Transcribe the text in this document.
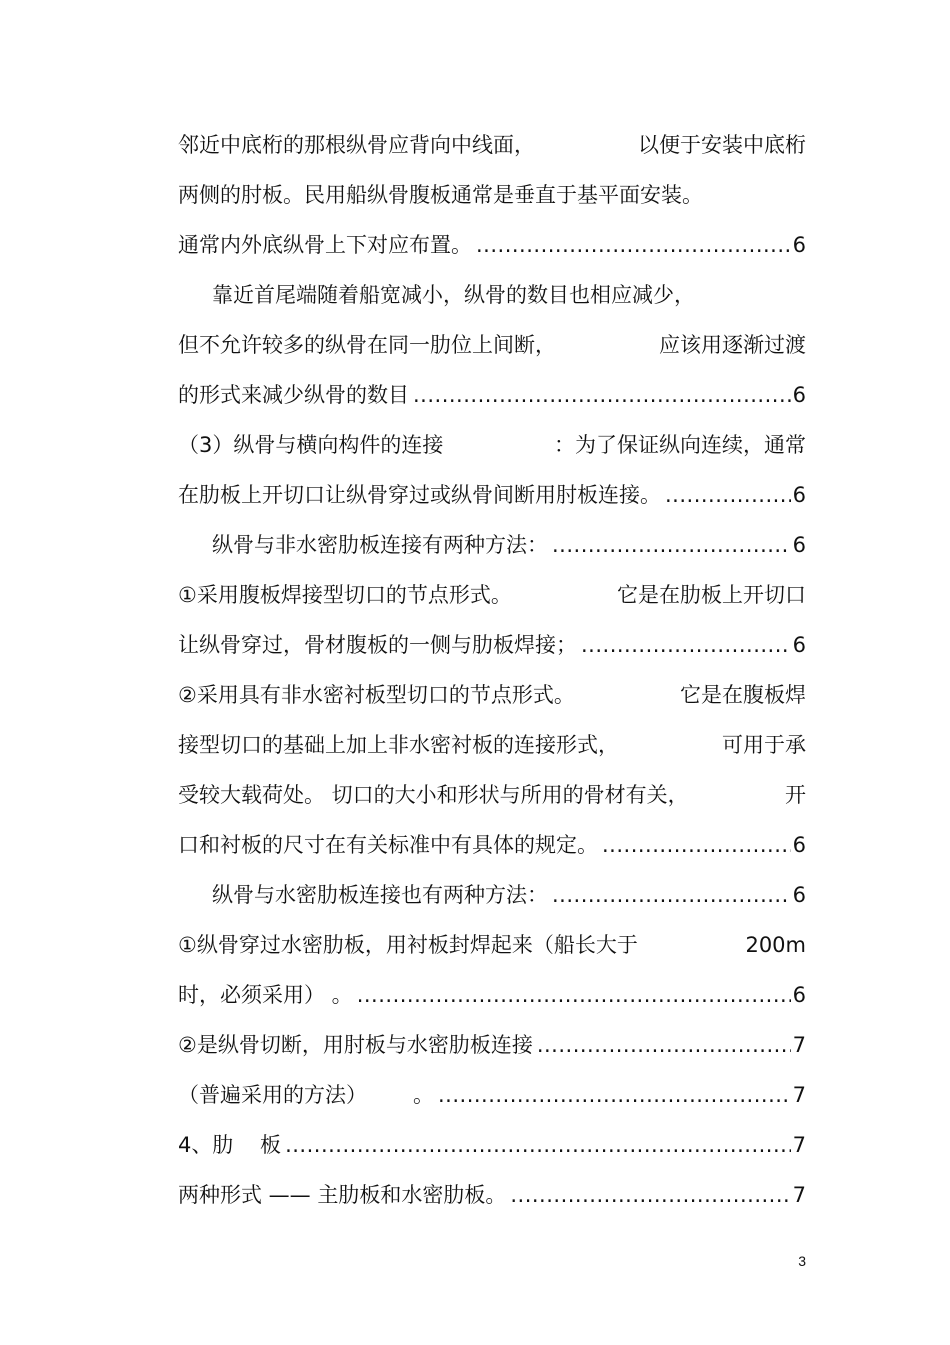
邻近中底桁的那根纵骨应背向中线面，	以便于安装中底桁
两侧的肘板。民用船纵骨腹板通常是垂直于基平面安装。
通常内外底纵骨上下对应布置。 .....	6
靠近首尾端随着船宽减小，纵骨的数目也相应减少，
但不允许较多的纵骨在同一肋位上间断，	应该用逐渐过渡
的形式来减少纵骨的数目 .....	6
（3）纵骨与横向构件的连接	：为了保证纵向连续，通常
在肋板上开切口让纵骨穿过或纵骨间断用肘板连接。 .....	6
纵骨与非水密肋板连接有两种方法： .....	6
①采用腹板焊接型切口的节点形式。	它是在肋板上开切口
让纵骨穿过，骨材腹板的一侧与肋板焊接； .....	6
②采用具有非水密衬板型切口的节点形式。	它是在腹板焊
接型切口的基础上加上非水密衬板的连接形式，	可用于承
受较大载荷处。 切口的大小和形状与所用的骨材有关，	开
口和衬板的尺寸在有关标准中有具体的规定。 .....	6
纵骨与水密肋板连接也有两种方法： .....	6
①纵骨穿过水密肋板，用衬板封焊起来（船长大于	200m
时，必须采用） 。 .....	6
②是纵骨切断，用肘板与水密肋板连接 .....	7
（普遍采用的方法） 。 .....	7
4、肋    板 .....	7
两种形式 —— 主肋板和水密肋板。 .....	7
3
